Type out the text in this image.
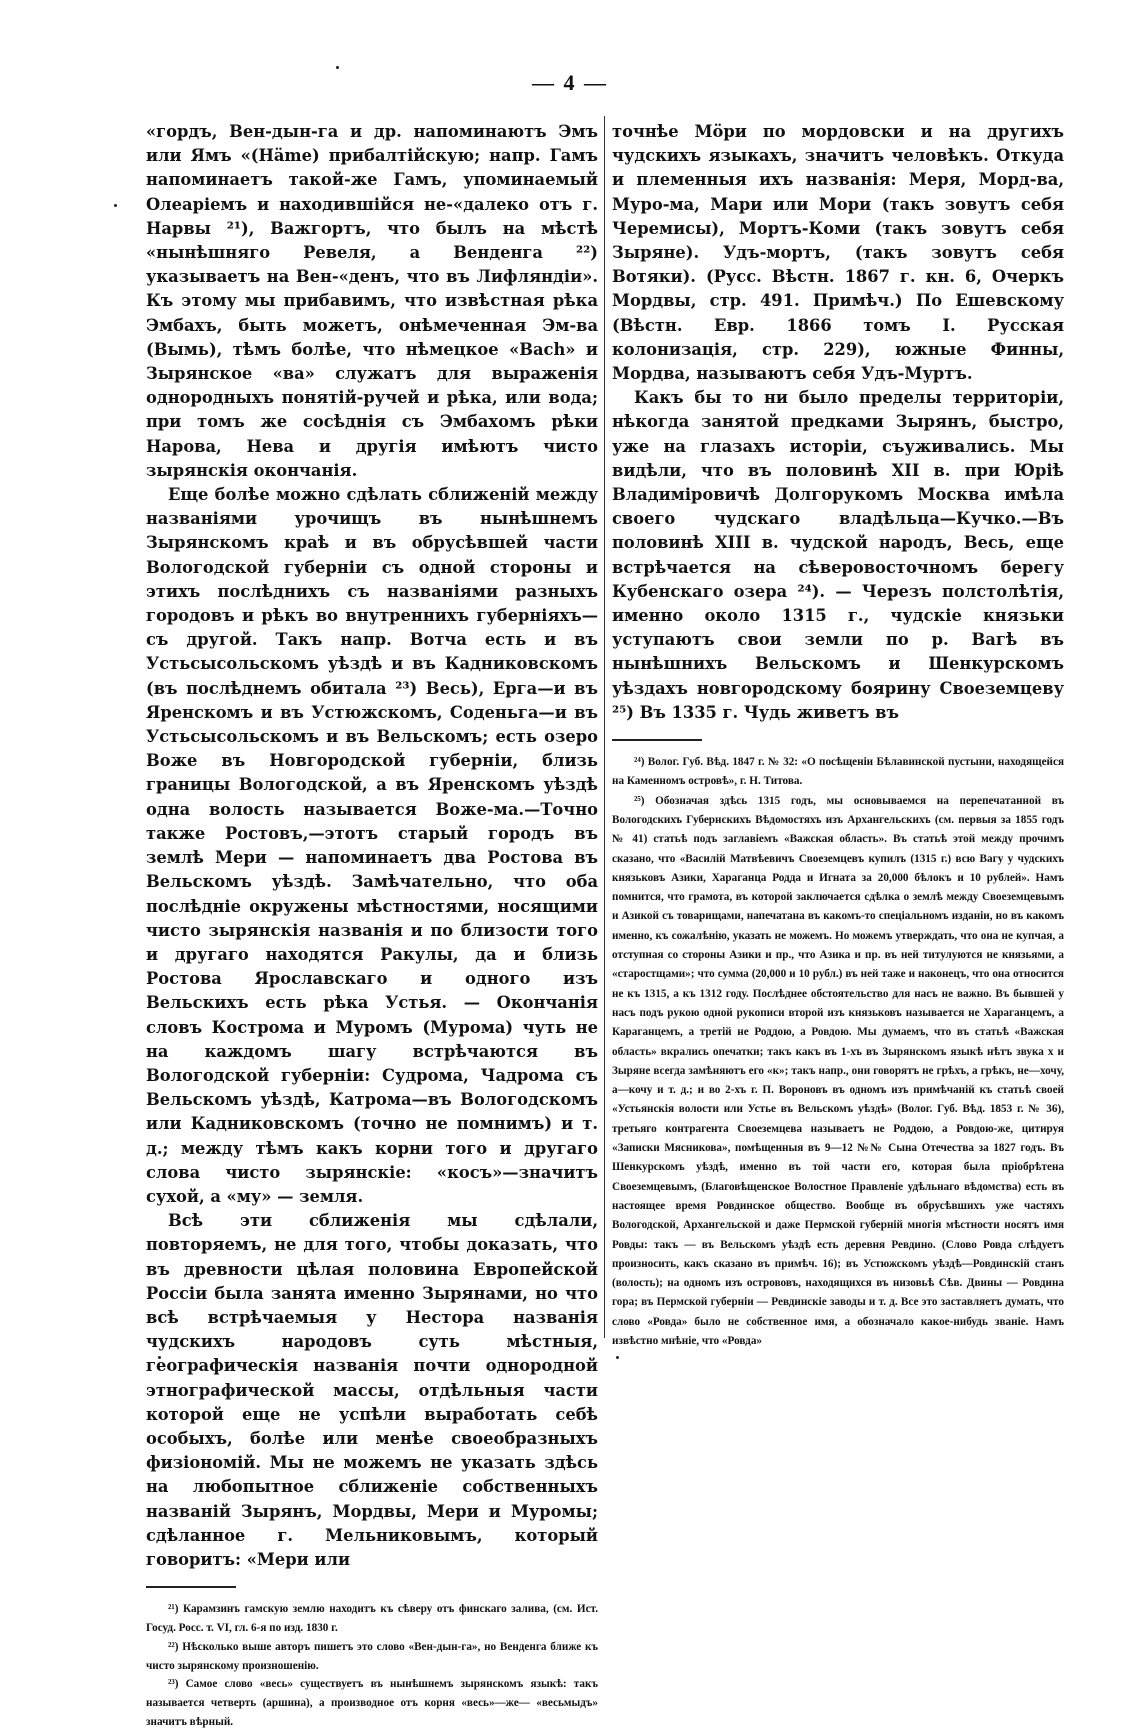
— 4 —

«гордъ, Вен-дын-га и др. напоминаютъ Эмъ или Ямъ «(Häme) прибалтійскую; напр. Гамъ напоминаетъ такой-же Гамъ, упоминаемый Олеаріемъ и находившійся не-«далеко отъ г. Нарвы ²¹), Важгортъ, что былъ на мѣстѣ «нынѣшняго Ревеля, а Венденга ²²) указываетъ на Вен-«денъ, что въ Лифляндіи». Къ этому мы прибавимъ, что извѣстная рѣка Эмбахъ, быть можетъ, онѣмеченная Эм-ва (Вымь), тѣмъ болѣе, что нѣмецкое «Bach» и Зырянское «ва» служатъ для выраженія однородныхъ понятій-ручей и рѣка, или вода; при томъ же сосѣднія съ Эмбахомъ рѣки Нарова, Нева и другія имѣютъ чисто зырянскія окончанія.

Еще болѣе можно сдѣлать сближеній между названіями урочищъ въ нынѣшнемъ Зырянскомъ краѣ и въ обрусѣвшей части Вологодской губерніи съ одной стороны и этихъ послѣднихъ съ названіями разныхъ городовъ и рѣкъ во внутреннихъ губерніяхъ—съ другой. Такъ напр. Вотча есть и въ Устьсысольскомъ уѣздѣ и въ Кадниковскомъ (въ послѣднемъ обитала ²³) Весь), Ерга—и въ Яренскомъ и въ Устюжскомъ, Соденьга—и въ Устьсысольскомъ и въ Вельскомъ; есть озеро Воже въ Новгородской губерніи, близь границы Вологодской, а въ Яренскомъ уѣздѣ одна волость называется Воже-ма.—Точно также Ростовъ,—этотъ старый городъ въ землѣ Мери — напоминаетъ два Ростова въ Вельскомъ уѣздѣ. Замѣчательно, что оба послѣдніе окружены мѣстностями, носящими чисто зырянскія названія и по близости того и другаго находятся Ракулы, да и близь Ростова Ярославскаго и одного изъ Вельскихъ есть рѣка Устья. — Окончанія словъ Кострома и Муромъ (Мурома) чуть не на каждомъ шагу встрѣчаются въ Вологодской губерніи: Судрома, Чадрома съ Вельскомъ уѣздѣ, Катрома—въ Вологодскомъ или Кадниковскомъ (точно не помнимъ) и т. д.; между тѣмъ какъ корни того и другаго слова чисто зырянскіе: «косъ»—значитъ сухой, а «му» — земля.

Всѣ эти сближенія мы сдѣлали, повторяемъ, не для того, чтобы доказать, что въ древности цѣлая половина Европейской Россіи была занята именно Зырянами, но что всѣ встрѣчаемыя у Нестора названія чудскихъ народовъ суть мѣстныя, географическія названія почти однородной этнографической массы, отдѣльныя части которой еще не успѣли выработать себѣ особыхъ, болѣе или менѣе своеобразныхъ физіономій. Мы не можемъ не указать здѣсь на любопытное сближеніе собственныхъ названій Зырянъ, Мордвы, Мери и Муромы; сдѣланное г. Мельниковымъ, который говоритъ: «Мери или

²¹) Карамзинъ гамскую землю находитъ къ сѣверу отъ финскаго залива, (см. Ист. Госуд. Росс. т. VI, гл. 6-я по изд. 1830 г.

²²) Нѣсколько выше авторъ пишетъ это слово «Вен-дын-га», но Венденга ближе къ чисто зырянскому произношенію.

²³) Самое слово «весь» существуетъ въ нынѣшнемъ зырянскомъ языкѣ: такъ называется четверть (аршина), а производное отъ корня «весь»—же— «весьмыдъ» значитъ вѣрный.

точнѣе Мöри по мордовски и на другихъ чудскихъ языкахъ, значитъ человѣкъ. Откуда и племенныя ихъ названія: Меря, Морд-ва, Муро-ма, Мари или Мори (такъ зовутъ себя Черемисы), Мортъ-Коми (такъ зовутъ себя Зыряне). Удъ-мортъ, (такъ зовутъ себя Вотяки). (Русс. Вѣстн. 1867 г. кн. 6, Очеркъ Мордвы, стр. 491. Примѣч.) По Ешевскому (Вѣстн. Евр. 1866 томъ I. Русская колонизація, стр. 229), южные Финны, Мордва, называютъ себя Удъ-Муртъ.

Какъ бы то ни было пределы территоріи, нѣкогда занятой предками Зырянъ, быстро, уже на глазахъ исторіи, съуживались. Мы видѣли, что въ половинѣ XII в. при Юріѣ Владиміровичѣ Долгорукомъ Москва имѣла своего чудскаго владѣльца—Кучко.—Въ половинѣ XIII в. чудской народъ, Весь, еще встрѣчается на сѣверовосточномъ берегу Кубенскаго озера ²⁴). — Черезъ полстолѣтія, именно около 1315 г., чудскіе князьки уступаютъ свои земли по р. Вагѣ въ нынѣшнихъ Вельскомъ и Шенкурскомъ уѣздахъ новгородскому боярину Своеземцеву ²⁵) Въ 1335 г. Чудь живетъ въ

²⁴) Волог. Губ. Вѣд. 1847 г. № 32: «О посѣщеніи Бѣлавинской пустыни, находящейся на Каменномъ островѣ», г. Н. Титова.

²⁵) Обозначая здѣсь 1315 годъ, мы основываемся на перепечатанной въ Вологодскихъ Губернскихъ Вѣдомостяхъ изъ Архангельскихъ (см. первыя за 1855 годъ № 41) статьѣ подъ заглавіемъ «Важская область». Въ статьѣ этой между прочимъ сказано, что «Василій Матвѣевичъ Своеземцевъ купилъ (1315 г.) всю Вагу у чудскихъ князьковъ Азики, Хараганца Родда и Игната за 20,000 бѣлокъ и 10 рублей». Намъ помнится, что грамота, въ которой заключается сдѣлка о землѣ между Своеземцевымъ и Азикой съ товарищами, напечатана въ какомъ-то спеціальномъ изданіи, но въ какомъ именно, къ сожалѣнію, указать не можемъ. Но можемъ утверждать, что она не купчая, а отступная со стороны Азики и пр., что Азика и пр. въ ней титулуются не князьями, а «старостщами»; что сумма (20,000 и 10 рубл.) въ ней таже и наконецъ, что она относится не къ 1315, а къ 1312 году. Послѣднее обстоятельство для насъ не важно. Въ бывшей у насъ подъ рукою одной рукописи второй изъ князьковъ называется не Хараганцемъ, а Караганцемъ, а третій не Роддою, а Ровдою. Мы думаемъ, что въ статьѣ «Важская область» вкрались опечатки; такъ какъ въ 1-хъ въ Зырянскомъ языкѣ нѣтъ звука х и Зыряне всегда замѣняютъ его «к»; такъ напр., они говорятъ не грѣхъ, а грѣкъ, не—хочу, а—кочу и т. д.; и во 2-хъ г. П. Вороновъ въ одномъ изъ примѣчаній къ статьѣ своей «Устьянскія волости или Устье въ Вельскомъ уѣздѣ» (Волог. Губ. Вѣд. 1853 г. № 36), третьяго контрагента Своеземцева называетъ не Роддою, а Ровдою-же, цитируя «Записки Мясникова», помѣщенныя въ 9—12 №№ Сына Отечества за 1827 годъ. Въ Шенкурскомъ уѣздѣ, именно въ той части его, которая была пріобрѣтена Своеземцевымъ, (Благовѣщенское Волостное Правленіе удѣльнаго вѣдомства) есть въ настоящее время Ровдинское общество. Вообще въ обрусѣвшихъ уже частяхъ Вологодской, Архангельской и даже Пермской губерній многія мѣстности носятъ имя Ровды: такъ — въ Вельскомъ уѣздѣ есть деревня Ревдино. (Слово Ровда слѣдуетъ произносить, какъ сказано въ примѣч. 16); въ Устюжскомъ уѣздѣ—Ровдинскій станъ (волость); на одномъ изъ острововъ, находящихся въ низовьѣ Сѣв. Двины — Ровдина гора; въ Пермской губерніи — Ревдинскіе заводы и т. д. Все это заставляетъ думать, что слово «Ровда» было не собственное имя, а обозначало какое-нибудь званіе. Намъ извѣстно мнѣніе, что «Ровда»
